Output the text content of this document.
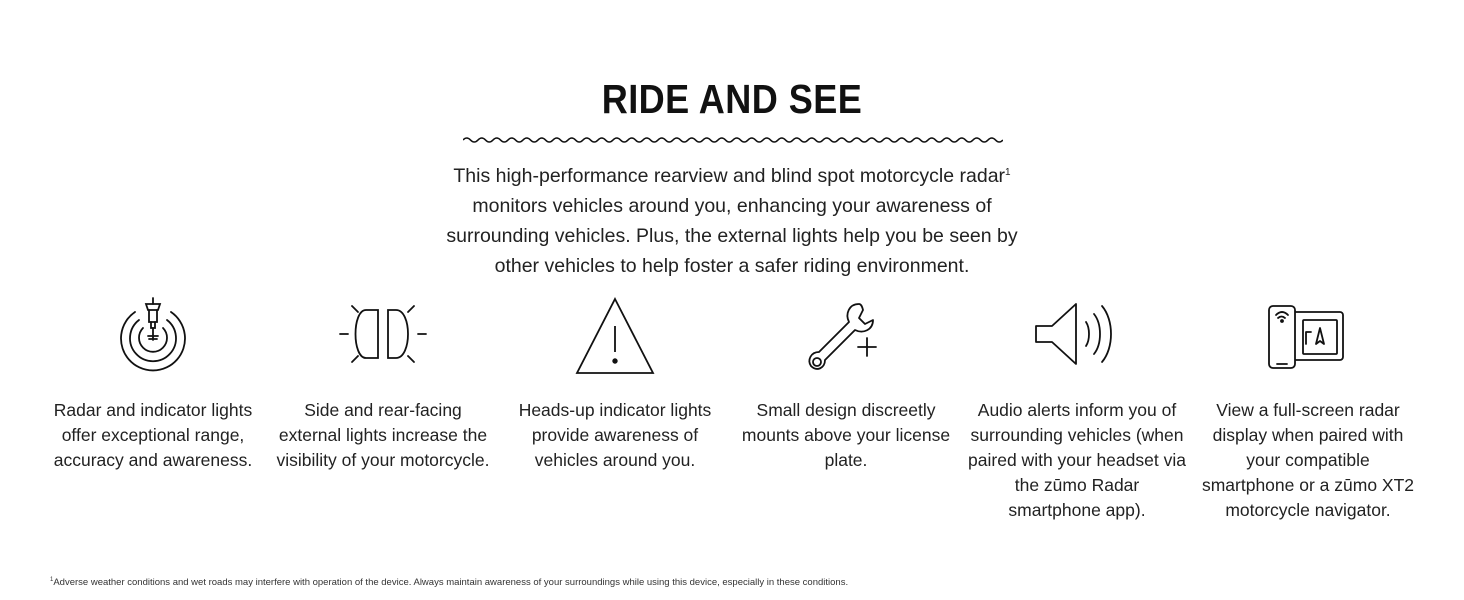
RIDE AND SEE

This high-performance rearview and blind spot motorcycle radar$^1$ monitors vehicles around you, enhancing your awareness of surrounding vehicles. Plus, the external lights help you be seen by other vehicles to help foster a safer riding environment.

Radar and indicator lights offer exceptional range, accuracy and awareness.
Side and rear-facing external lights increase the visibility of your motorcycle.
Heads-up indicator lights provide awareness of vehicles around you.
Small design discreetly mounts above your license plate.
Audio alerts inform you of surrounding vehicles (when paired with your headset via the zūmo Radar smartphone app).
View a full-screen radar display when paired with your compatible smartphone or a zūmo XT2 motorcycle navigator.
$^1$Adverse weather conditions and wet roads may interfere with operation of the device. Always maintain awareness of your surroundings while using this device, especially in these conditions.
